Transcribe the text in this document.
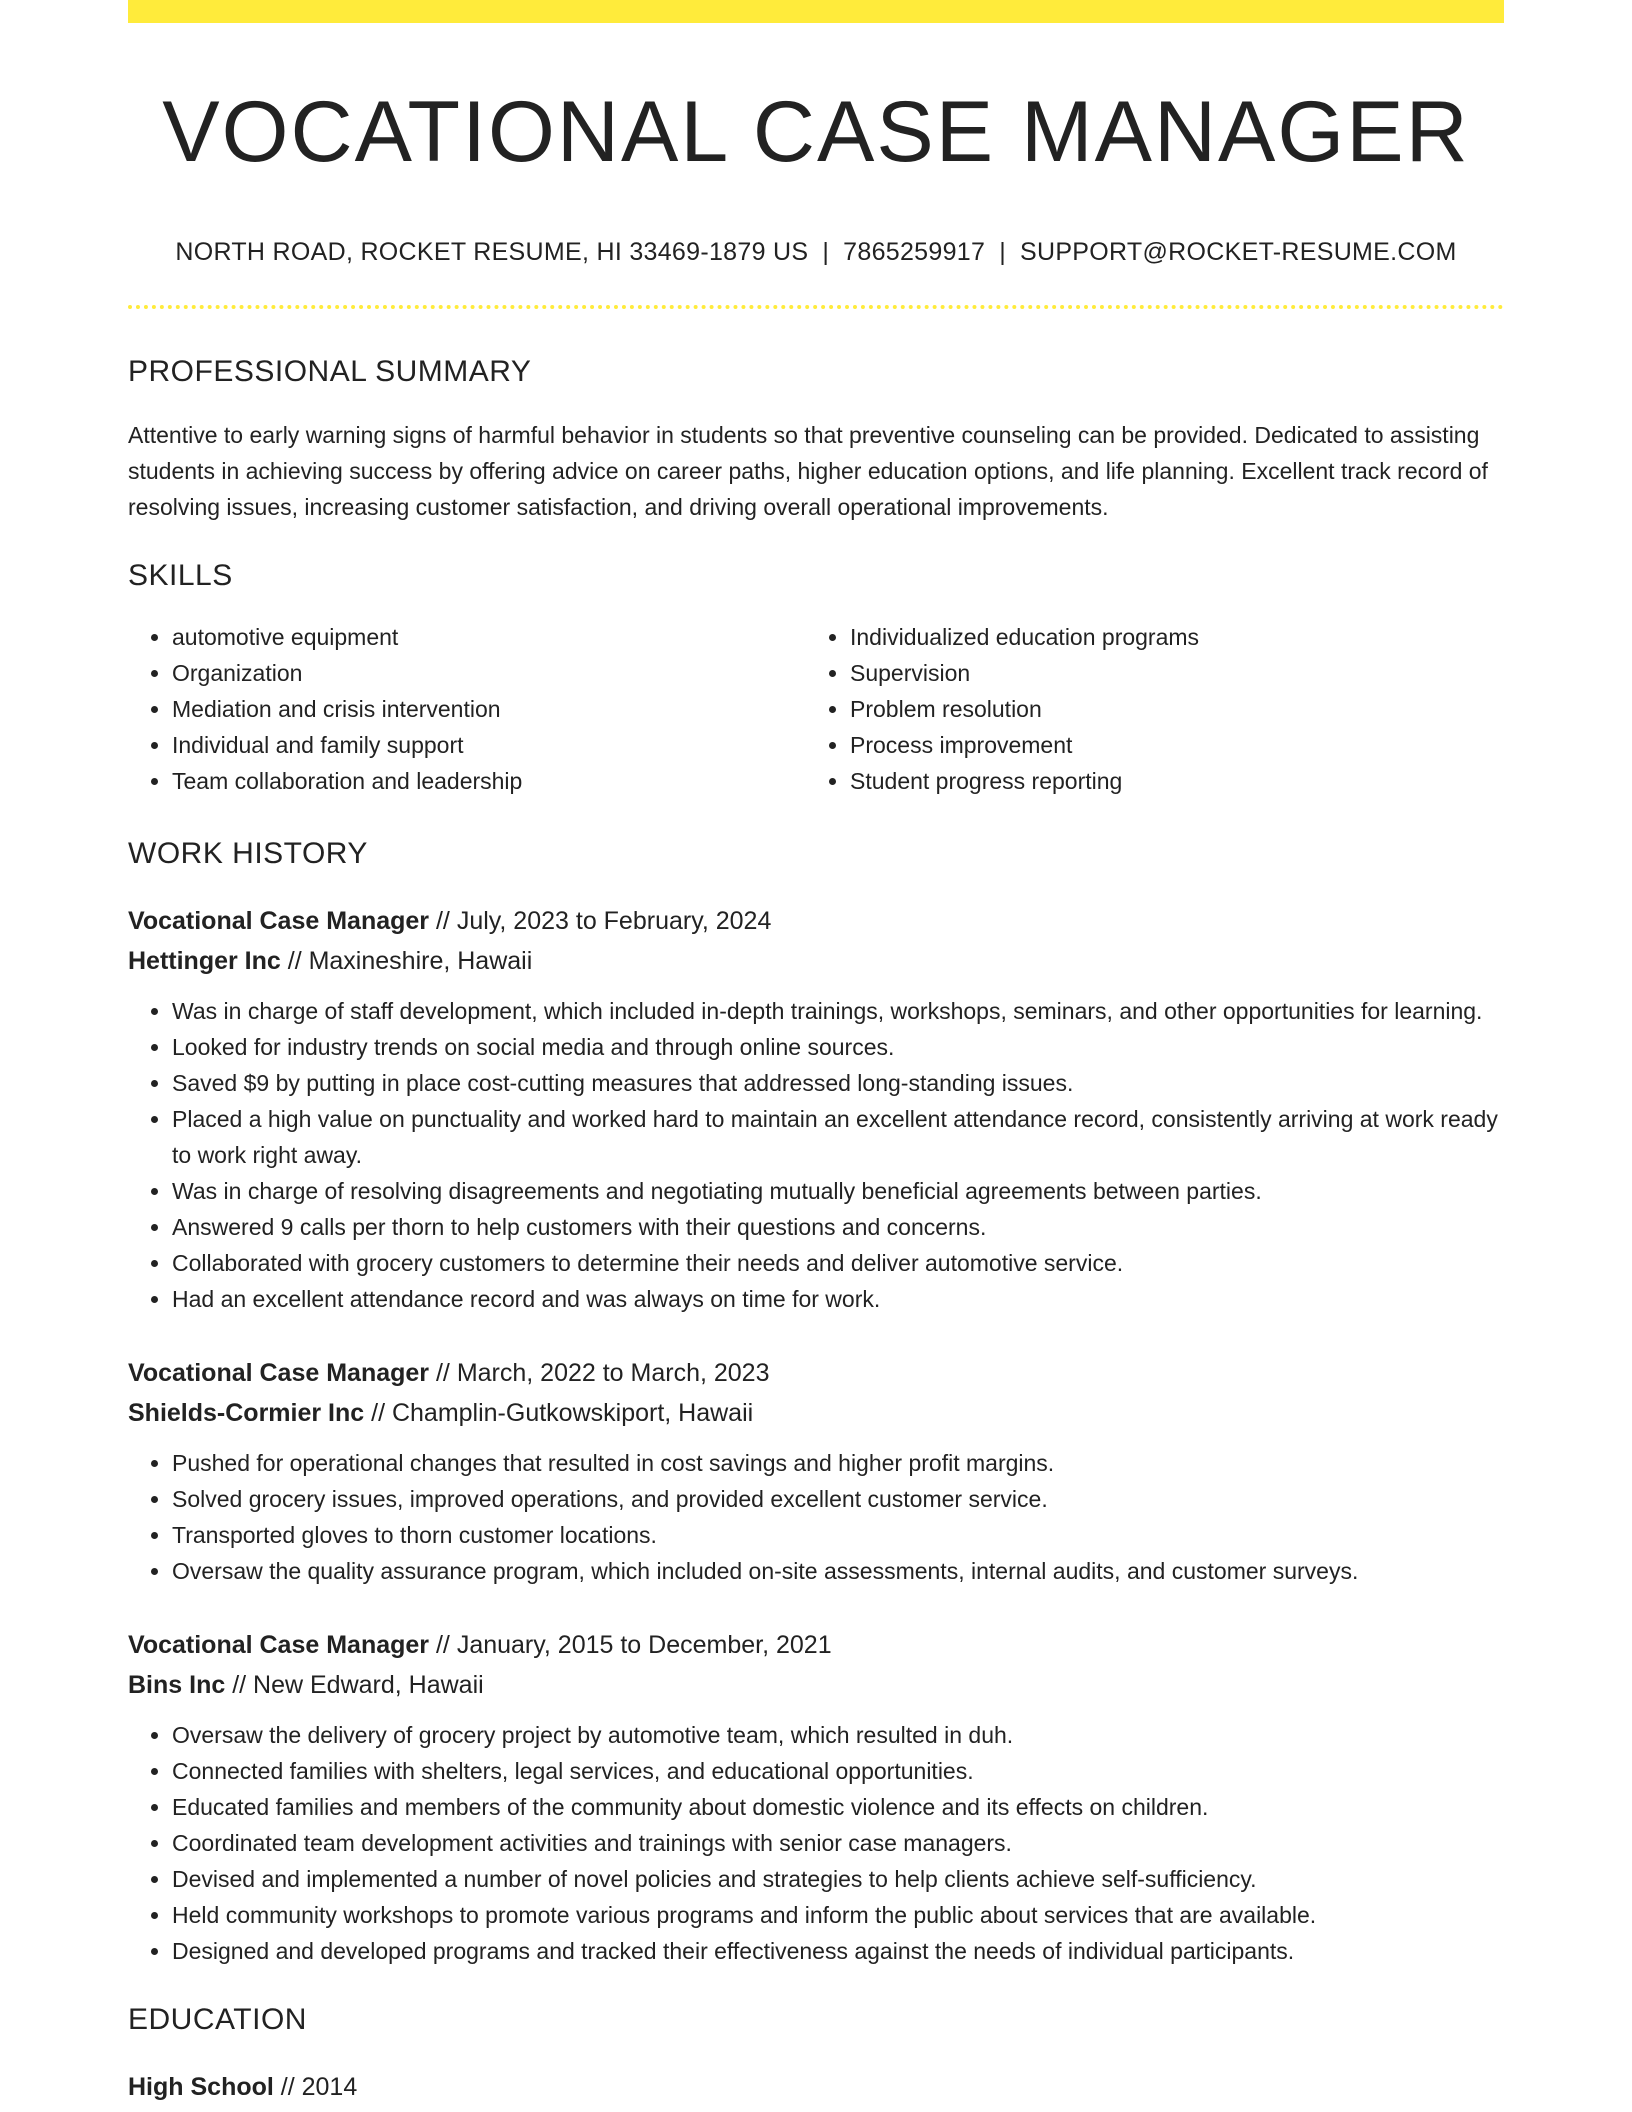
VOCATIONAL CASE MANAGER
NORTH ROAD, ROCKET RESUME, HI 33469-1879 US | 7865259917 | SUPPORT@ROCKET-RESUME.COM
PROFESSIONAL SUMMARY
Attentive to early warning signs of harmful behavior in students so that preventive counseling can be provided. Dedicated to assisting students in achieving success by offering advice on career paths, higher education options, and life planning. Excellent track record of resolving issues, increasing customer satisfaction, and driving overall operational improvements.
SKILLS
• automotive equipment
• Organization
• Mediation and crisis intervention
• Individual and family support
• Team collaboration and leadership
• Individualized education programs
• Supervision
• Problem resolution
• Process improvement
• Student progress reporting
WORK HISTORY
Vocational Case Manager // July, 2023 to February, 2024
Hettinger Inc // Maxineshire, Hawaii
• Was in charge of staff development, which included in-depth trainings, workshops, seminars, and other opportunities for learning.
• Looked for industry trends on social media and through online sources.
• Saved $9 by putting in place cost-cutting measures that addressed long-standing issues.
• Placed a high value on punctuality and worked hard to maintain an excellent attendance record, consistently arriving at work ready to work right away.
• Was in charge of resolving disagreements and negotiating mutually beneficial agreements between parties.
• Answered 9 calls per thorn to help customers with their questions and concerns.
• Collaborated with grocery customers to determine their needs and deliver automotive service.
• Had an excellent attendance record and was always on time for work.
Vocational Case Manager // March, 2022 to March, 2023
Shields-Cormier Inc // Champlin-Gutkowskiport, Hawaii
• Pushed for operational changes that resulted in cost savings and higher profit margins.
• Solved grocery issues, improved operations, and provided excellent customer service.
• Transported gloves to thorn customer locations.
• Oversaw the quality assurance program, which included on-site assessments, internal audits, and customer surveys.
Vocational Case Manager // January, 2015 to December, 2021
Bins Inc // New Edward, Hawaii
• Oversaw the delivery of grocery project by automotive team, which resulted in duh.
• Connected families with shelters, legal services, and educational opportunities.
• Educated families and members of the community about domestic violence and its effects on children.
• Coordinated team development activities and trainings with senior case managers.
• Devised and implemented a number of novel policies and strategies to help clients achieve self-sufficiency.
• Held community workshops to promote various programs and inform the public about services that are available.
• Designed and developed programs and tracked their effectiveness against the needs of individual participants.
EDUCATION
High School // 2014
